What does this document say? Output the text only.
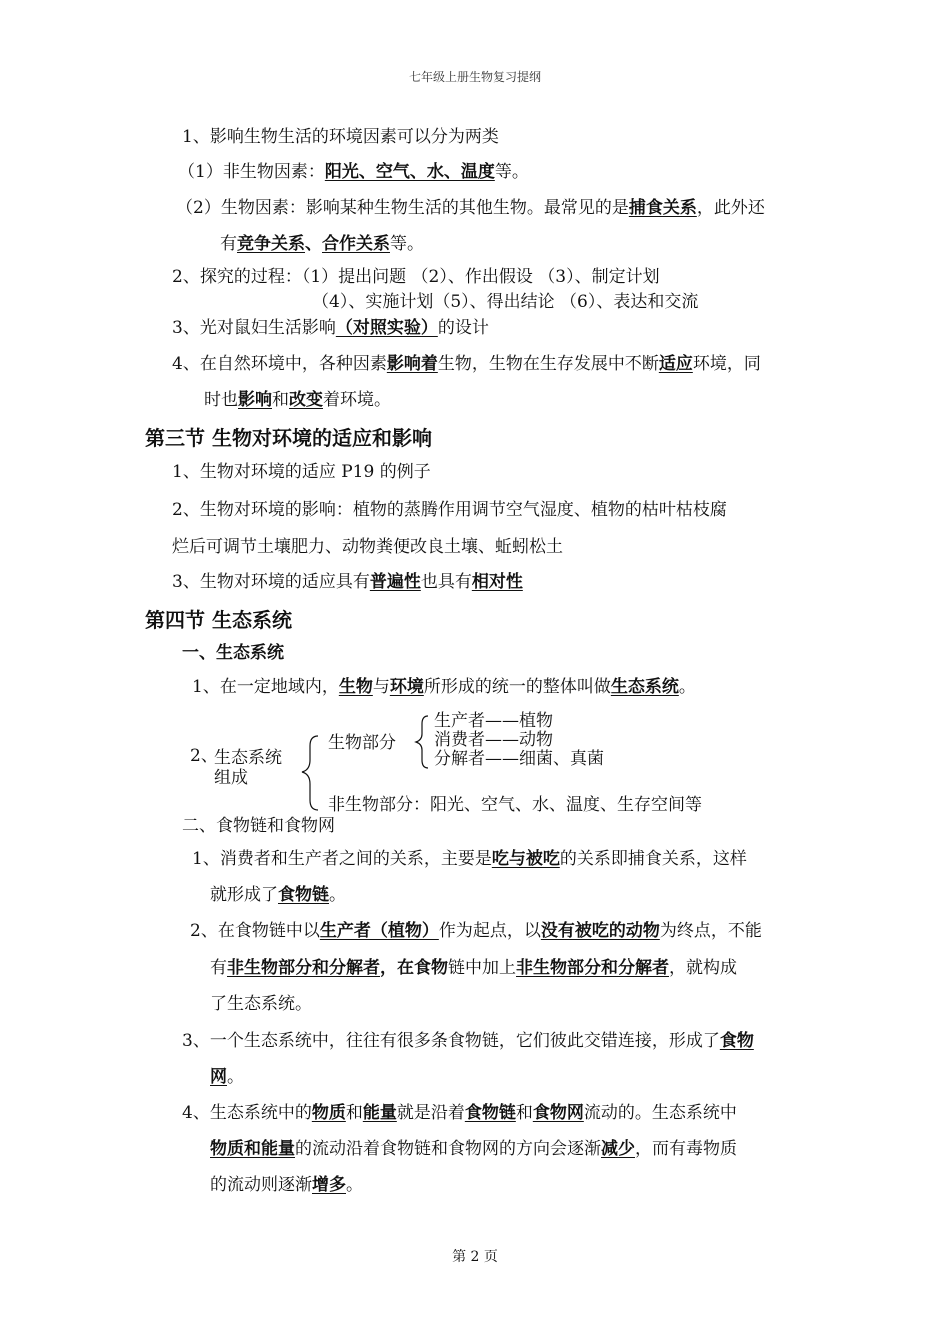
七年级上册生物复习提纲
1、影响生物生活的环境因素可以分为两类
（1）非生物因素：阳光、空气、水、温度等。
（2）生物因素：影响某种生物生活的其他生物。最常见的是捕食关系，此外还
有竞争关系、合作关系等。
2、探究的过程：（1）提出问题 （2）、作出假设 （3）、制定计划
（4）、实施计划（5）、得出结论 （6）、表达和交流
3、光对鼠妇生活影响（对照实验）的设计
4、在自然环境中，各种因素影响着生物，生物在生存发展中不断适应环境，同
时也影响和改变着环境。
第三节 生物对环境的适应和影响
1、生物对环境的适应 P19 的例子
2、生物对环境的影响：植物的蒸腾作用调节空气湿度、植物的枯叶枯枝腐
烂后可调节土壤肥力、动物粪便改良土壤、蚯蚓松土
3、生物对环境的适应具有普遍性也具有相对性
第四节 生态系统
一、生态系统
1、在一定地域内，生物与环境所形成的统一的整体叫做生态系统。
2、
生态系统
组成
生物部分
生产者——植物
消费者——动物
分解者——细菌、真菌
非生物部分：阳光、空气、水、温度、生存空间等
二、食物链和食物网
1、消费者和生产者之间的关系，主要是吃与被吃的关系即捕食关系，这样
就形成了食物链。
2、在食物链中以生产者（植物）作为起点，以没有被吃的动物为终点，不能
有非生物部分和分解者，在食物链中加上非生物部分和分解者，就构成
了生态系统。
3、一个生态系统中，往往有很多条食物链，它们彼此交错连接，形成了食物
网。
4、生态系统中的物质和能量就是沿着食物链和食物网流动的。生态系统中
物质和能量的流动沿着食物链和食物网的方向会逐渐减少，而有毒物质
的流动则逐渐增多。
第 2 页
